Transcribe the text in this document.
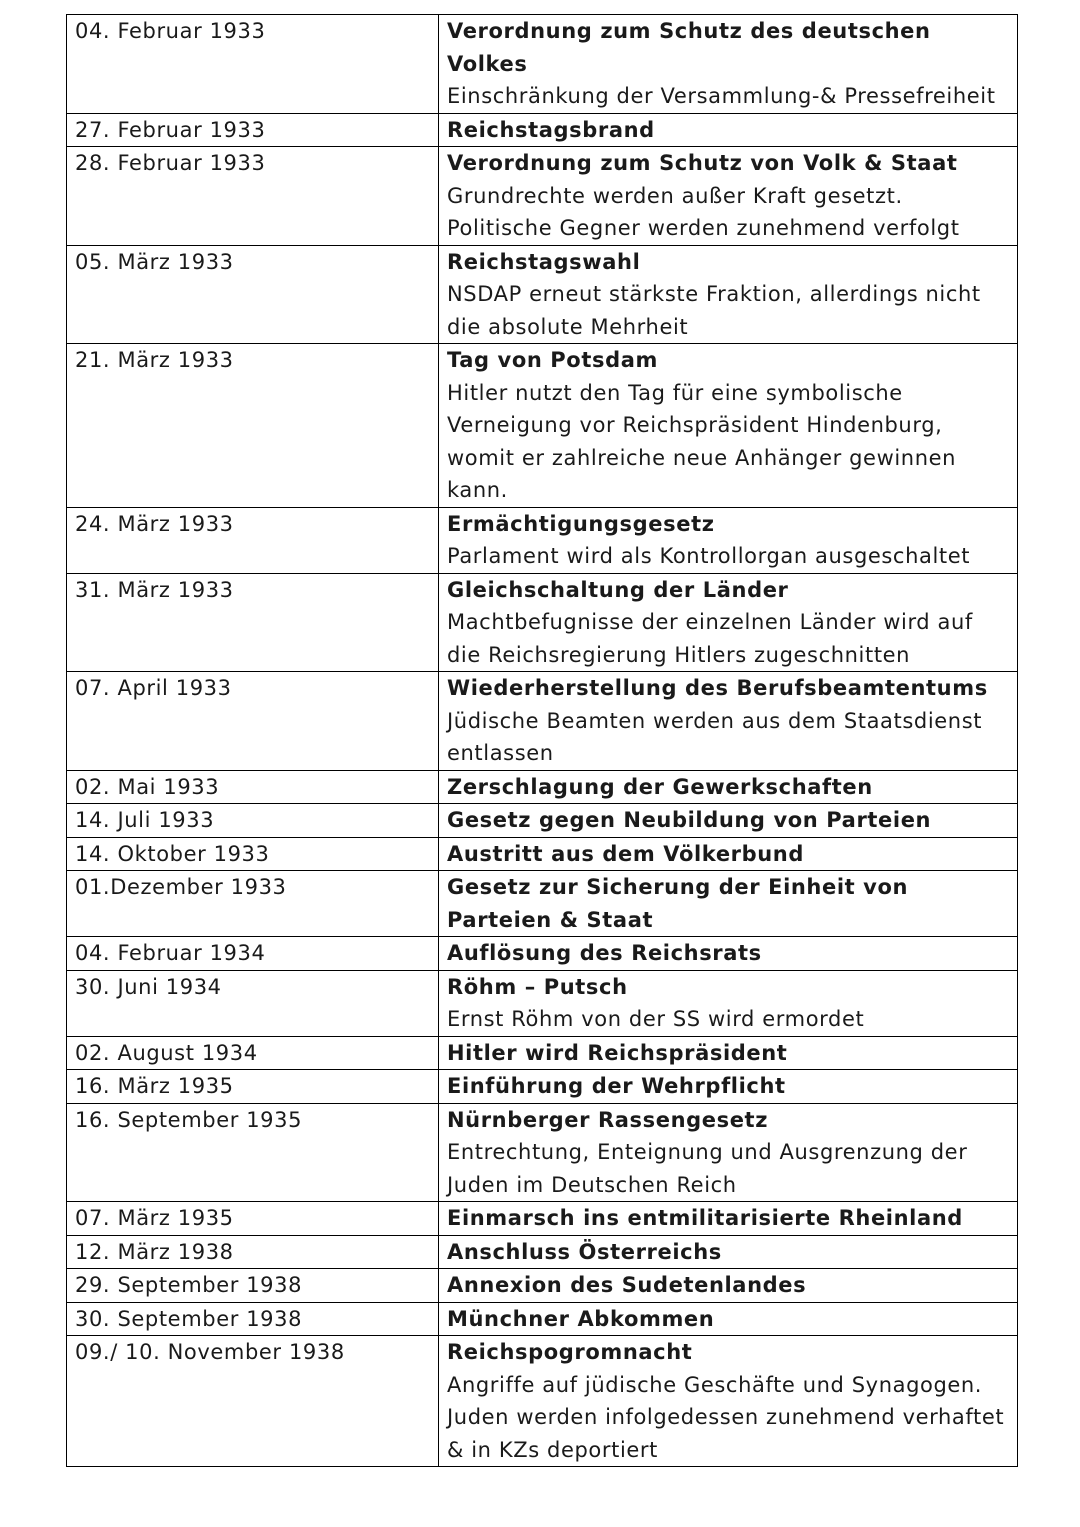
04. Februar 1933	Verordnung zum Schutz des deutschen Volkes
Einschränkung der Versammlung-& Pressefreiheit

27. Februar 1933	Reichstagsbrand

28. Februar 1933	Verordnung zum Schutz von Volk & Staat
Grundrechte werden außer Kraft gesetzt. Politische Gegner werden zunehmend verfolgt

05. März 1933	Reichstagswahl
NSDAP erneut stärkste Fraktion, allerdings nicht die absolute Mehrheit

21. März 1933	Tag von Potsdam
Hitler nutzt den Tag für eine symbolische Verneigung vor Reichspräsident Hindenburg, womit er zahlreiche neue Anhänger gewinnen kann.

24. März 1933	Ermächtigungsgesetz
Parlament wird als Kontrollorgan ausgeschaltet

31. März 1933	Gleichschaltung der Länder
Machtbefugnisse der einzelnen Länder wird auf die Reichsregierung Hitlers zugeschnitten

07. April 1933	Wiederherstellung des Berufsbeamtentums
Jüdische Beamten werden aus dem Staatsdienst entlassen

02. Mai 1933	Zerschlagung der Gewerkschaften

14. Juli 1933	Gesetz gegen Neubildung von Parteien

14. Oktober 1933	Austritt aus dem Völkerbund

01.Dezember 1933	Gesetz zur Sicherung der Einheit von Parteien & Staat

04. Februar 1934	Auflösung des Reichsrats

30. Juni 1934	Röhm – Putsch
Ernst Röhm von der SS wird ermordet

02. August 1934	Hitler wird Reichspräsident

16. März 1935	Einführung der Wehrpflicht

16. September 1935	Nürnberger Rassengesetz
Entrechtung, Enteignung und Ausgrenzung der Juden im Deutschen Reich

07. März 1935	Einmarsch ins entmilitarisierte Rheinland

12. März 1938	Anschluss Österreichs

29. September 1938	Annexion des Sudetenlandes

30. September 1938	Münchner Abkommen

09./ 10. November 1938	Reichspogromnacht
Angriffe auf jüdische Geschäfte und Synagogen. Juden werden infolgedessen zunehmend verhaftet & in KZs deportiert
